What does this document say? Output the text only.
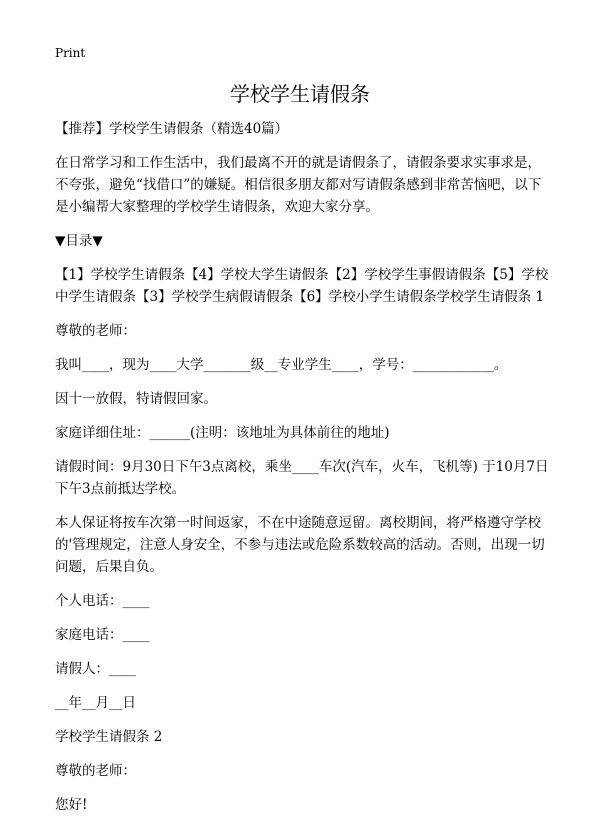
Print
学校学生请假条

【推荐】学校学生请假条（精选40篇）

在日常学习和工作生活中，我们最离不开的就是请假条了，请假条要求实事求是，不夸张，避免“找借口”的嫌疑。相信很多朋友都对写请假条感到非常苦恼吧，以下是小编帮大家整理的学校学生请假条，欢迎大家分享。

▼目录▼

【1】学校学生请假条【4】学校大学生请假条【2】学校学生事假请假条【5】学校中学生请假条【3】学校学生病假请假条【6】学校小学生请假条学校学生请假条 1

尊敬的老师：

我叫____，现为____大学_______级__专业学生____，学号：____________。

因十一放假，特请假回家。

家庭详细住址：______(注明：该地址为具体前往的地址)

请假时间：9月30日下午3点离校，乘坐____车次(汽车，火车，飞机等) 于10月7日下午3点前抵达学校。

本人保证将按车次第一时间返家，不在中途随意逗留。离校期间，将严格遵守学校的'管理规定，注意人身安全，不参与违法或危险系数较高的活动。否则，出现一切问题，后果自负。

个人电话：____

家庭电话：____

请假人：____

__年__月__日

学校学生请假条 2

尊敬的老师：

您好!
